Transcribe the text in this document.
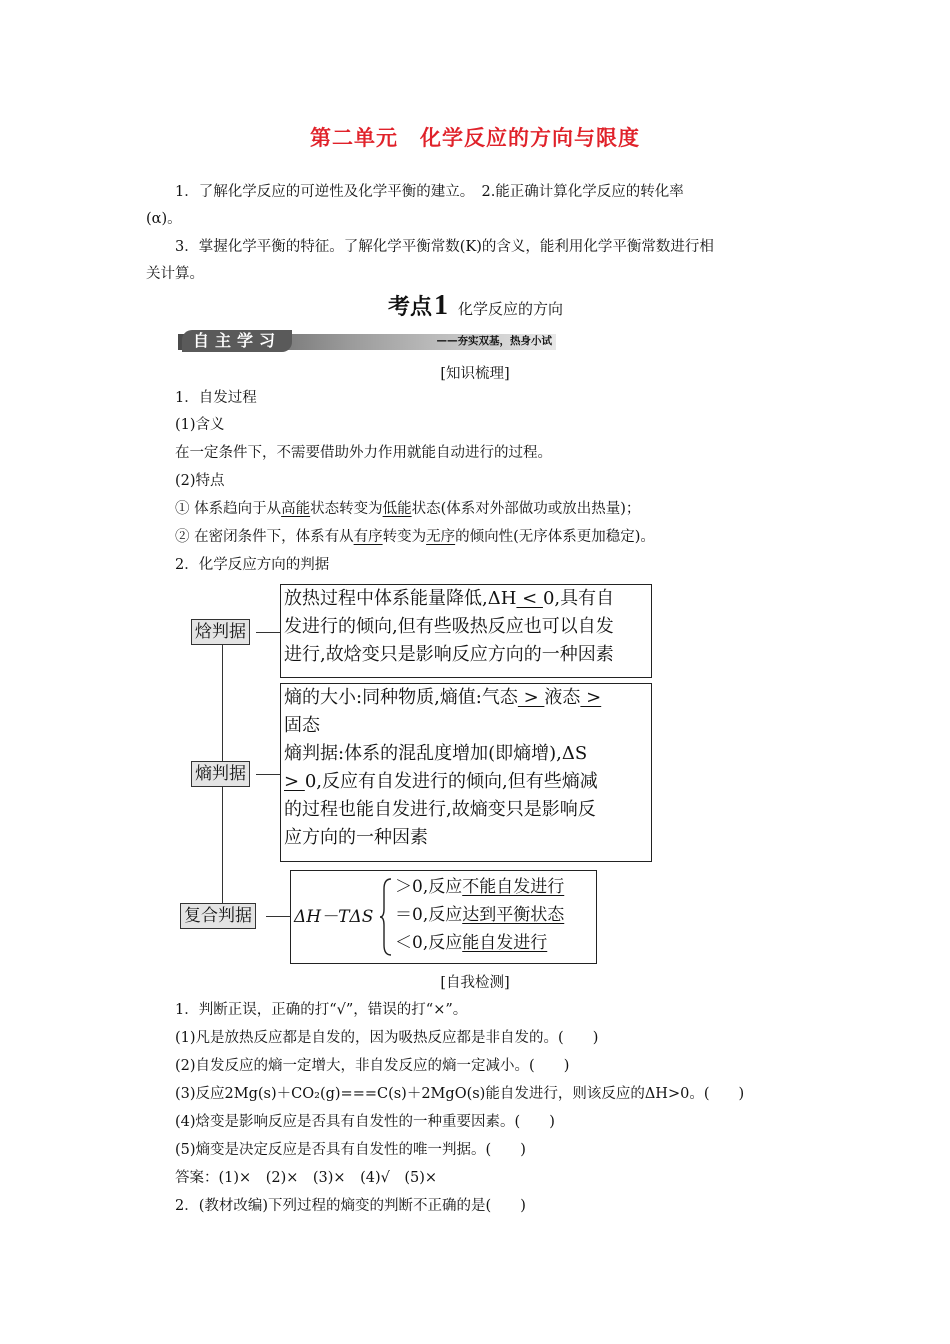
第二单元　化学反应的方向与限度
1．了解化学反应的可逆性及化学平衡的建立。　2.能正确计算化学反应的转化率
(α)。
3．掌握化学平衡的特征。了解化学平衡常数(K)的含义，能利用化学平衡常数进行相
关计算。
考点1 化学反应的方向
自主学习	——夯实双基，热身小试
[知识梳理]
1．自发过程
(1)含义
在一定条件下，不需要借助外力作用就能自动进行的过程。
(2)特点
① 体系趋向于从高能状态转变为低能状态(体系对外部做功或放出热量)；
② 在密闭条件下，体系有从有序转变为无序的倾向性(无序体系更加稳定)。
2．化学反应方向的判据
焓判据
放热过程中体系能量降低,ΔH < 0,具有自
发进行的倾向,但有些吸热反应也可以自发
进行,故焓变只是影响反应方向的一种因素
熵判据
熵的大小:同种物质,熵值:气态 > 液态 >
固态
熵判据:体系的混乱度增加(即熵增),ΔS
> 0,反应有自发进行的倾向,但有些熵减
的过程也能自发进行,故熵变只是影响反
应方向的一种因素
复合判据 ΔH－TΔS
＞0,反应不能自发进行
＝0,反应达到平衡状态
＜0,反应能自发进行
[自我检测]
1．判断正误，正确的打“√”，错误的打“×”。
(1)凡是放热反应都是自发的，因为吸热反应都是非自发的。(　　)
(2)自发反应的熵一定增大，非自发反应的熵一定减小。(　　)
(3)反应2Mg(s)＋CO₂(g)===C(s)＋2MgO(s)能自发进行，则该反应的ΔH>0。(　　)
(4)焓变是影响反应是否具有自发性的一种重要因素。(　　)
(5)熵变是决定反应是否具有自发性的唯一判据。(　　)
答案：(1)×　(2)×　(3)×　(4)√　(5)×
2．(教材改编)下列过程的熵变的判断不正确的是(　　)
